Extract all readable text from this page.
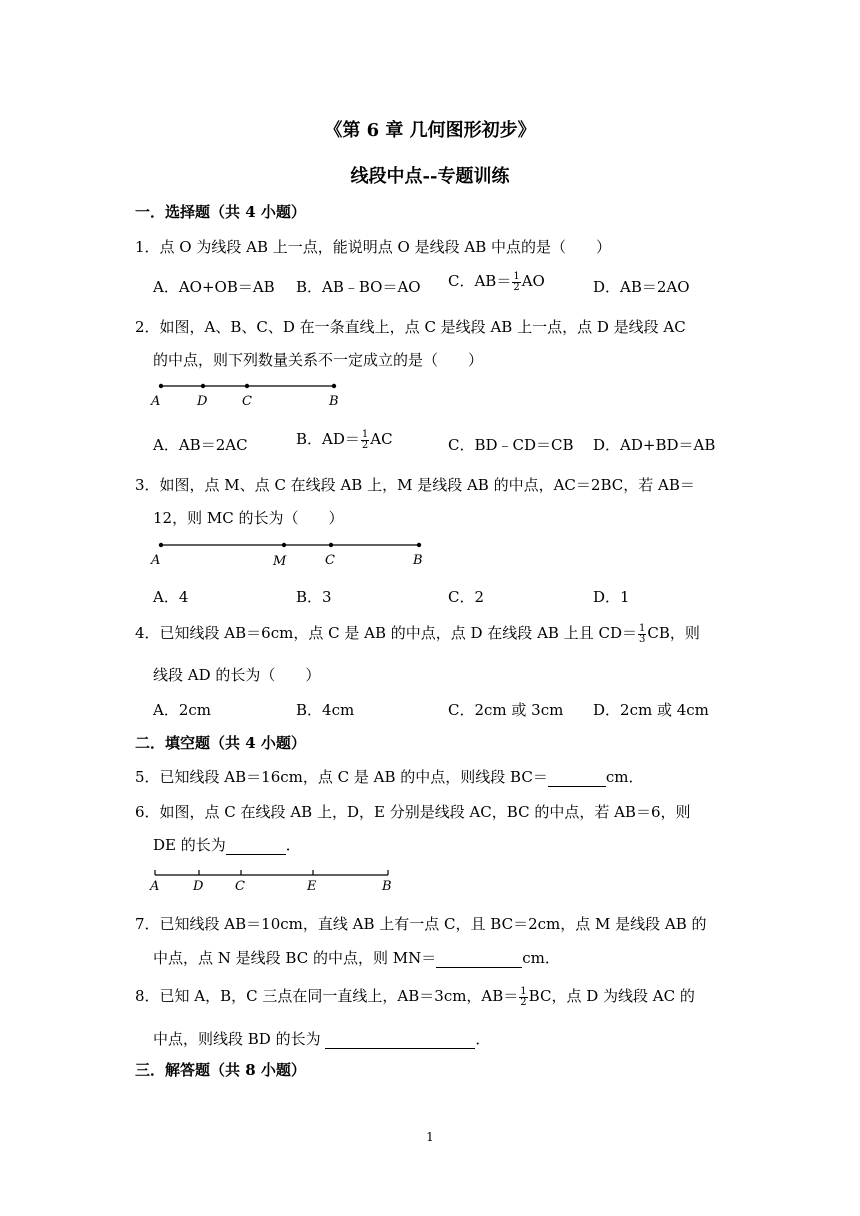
《第 6 章 几何图形初步》
线段中点--专题训练
一．选择题（共 4 小题）
1．点 O 为线段 AB 上一点，能说明点 O 是线段 AB 中点的是（　　）
A．AO+OB＝AB B．AB﹣BO＝AO C．$AB= \frac{1}{2}$ AO	D．AB＝2AO
2．如图，A、B、C、D 在一条直线上，点 C 是线段 AB 上一点，点 D 是线段 AC
的中点，则下列数量关系不一定成立的是（　　）
A	D	C	B
A．AB＝2AC	B．$AD= \frac{1}{2}$ AC	C．BD﹣CD＝CB D．AD+BD＝AB
3．如图，点 M、点 C 在线段 AB 上，M 是线段 AB 的中点，AC＝2BC，若 AB＝
12，则 MC 的长为（　　）
A	M	C	B
A．4	B．3	C．2	D．1
4．已知线段 AB＝6cm，点 C 是 AB 的中点，点 D 在线段 AB 上且 $CD= \frac{1}{3}$ CB，则
线段 AD 的长为（　　）
A．2cm	B．4cm	C．2cm 或 3cm D．2cm 或 4cm
二．填空题（共 4 小题）
5．已知线段 AB＝16cm，点 C 是 AB 的中点，则线段 BC＝	cm．
6．如图，点 C 在线段 AB 上，D，E 分别是线段 AC，BC 的中点，若 AB＝6，则
DE 的长为	．
A	D C	E	B
7．已知线段 AB＝10cm，直线 AB 上有一点 C，且 BC＝2cm，点 M 是线段 AB 的
中点，点 N 是线段 BC 的中点，则 MN＝	cm．
8．已知 A，B，C 三点在同一直线上，AB＝3cm，$AB= \frac{1}{2}$ BC，点 D 为线段 AC 的
中点，则线段 BD 的长为	．
三．解答题（共 8 小题）
1
